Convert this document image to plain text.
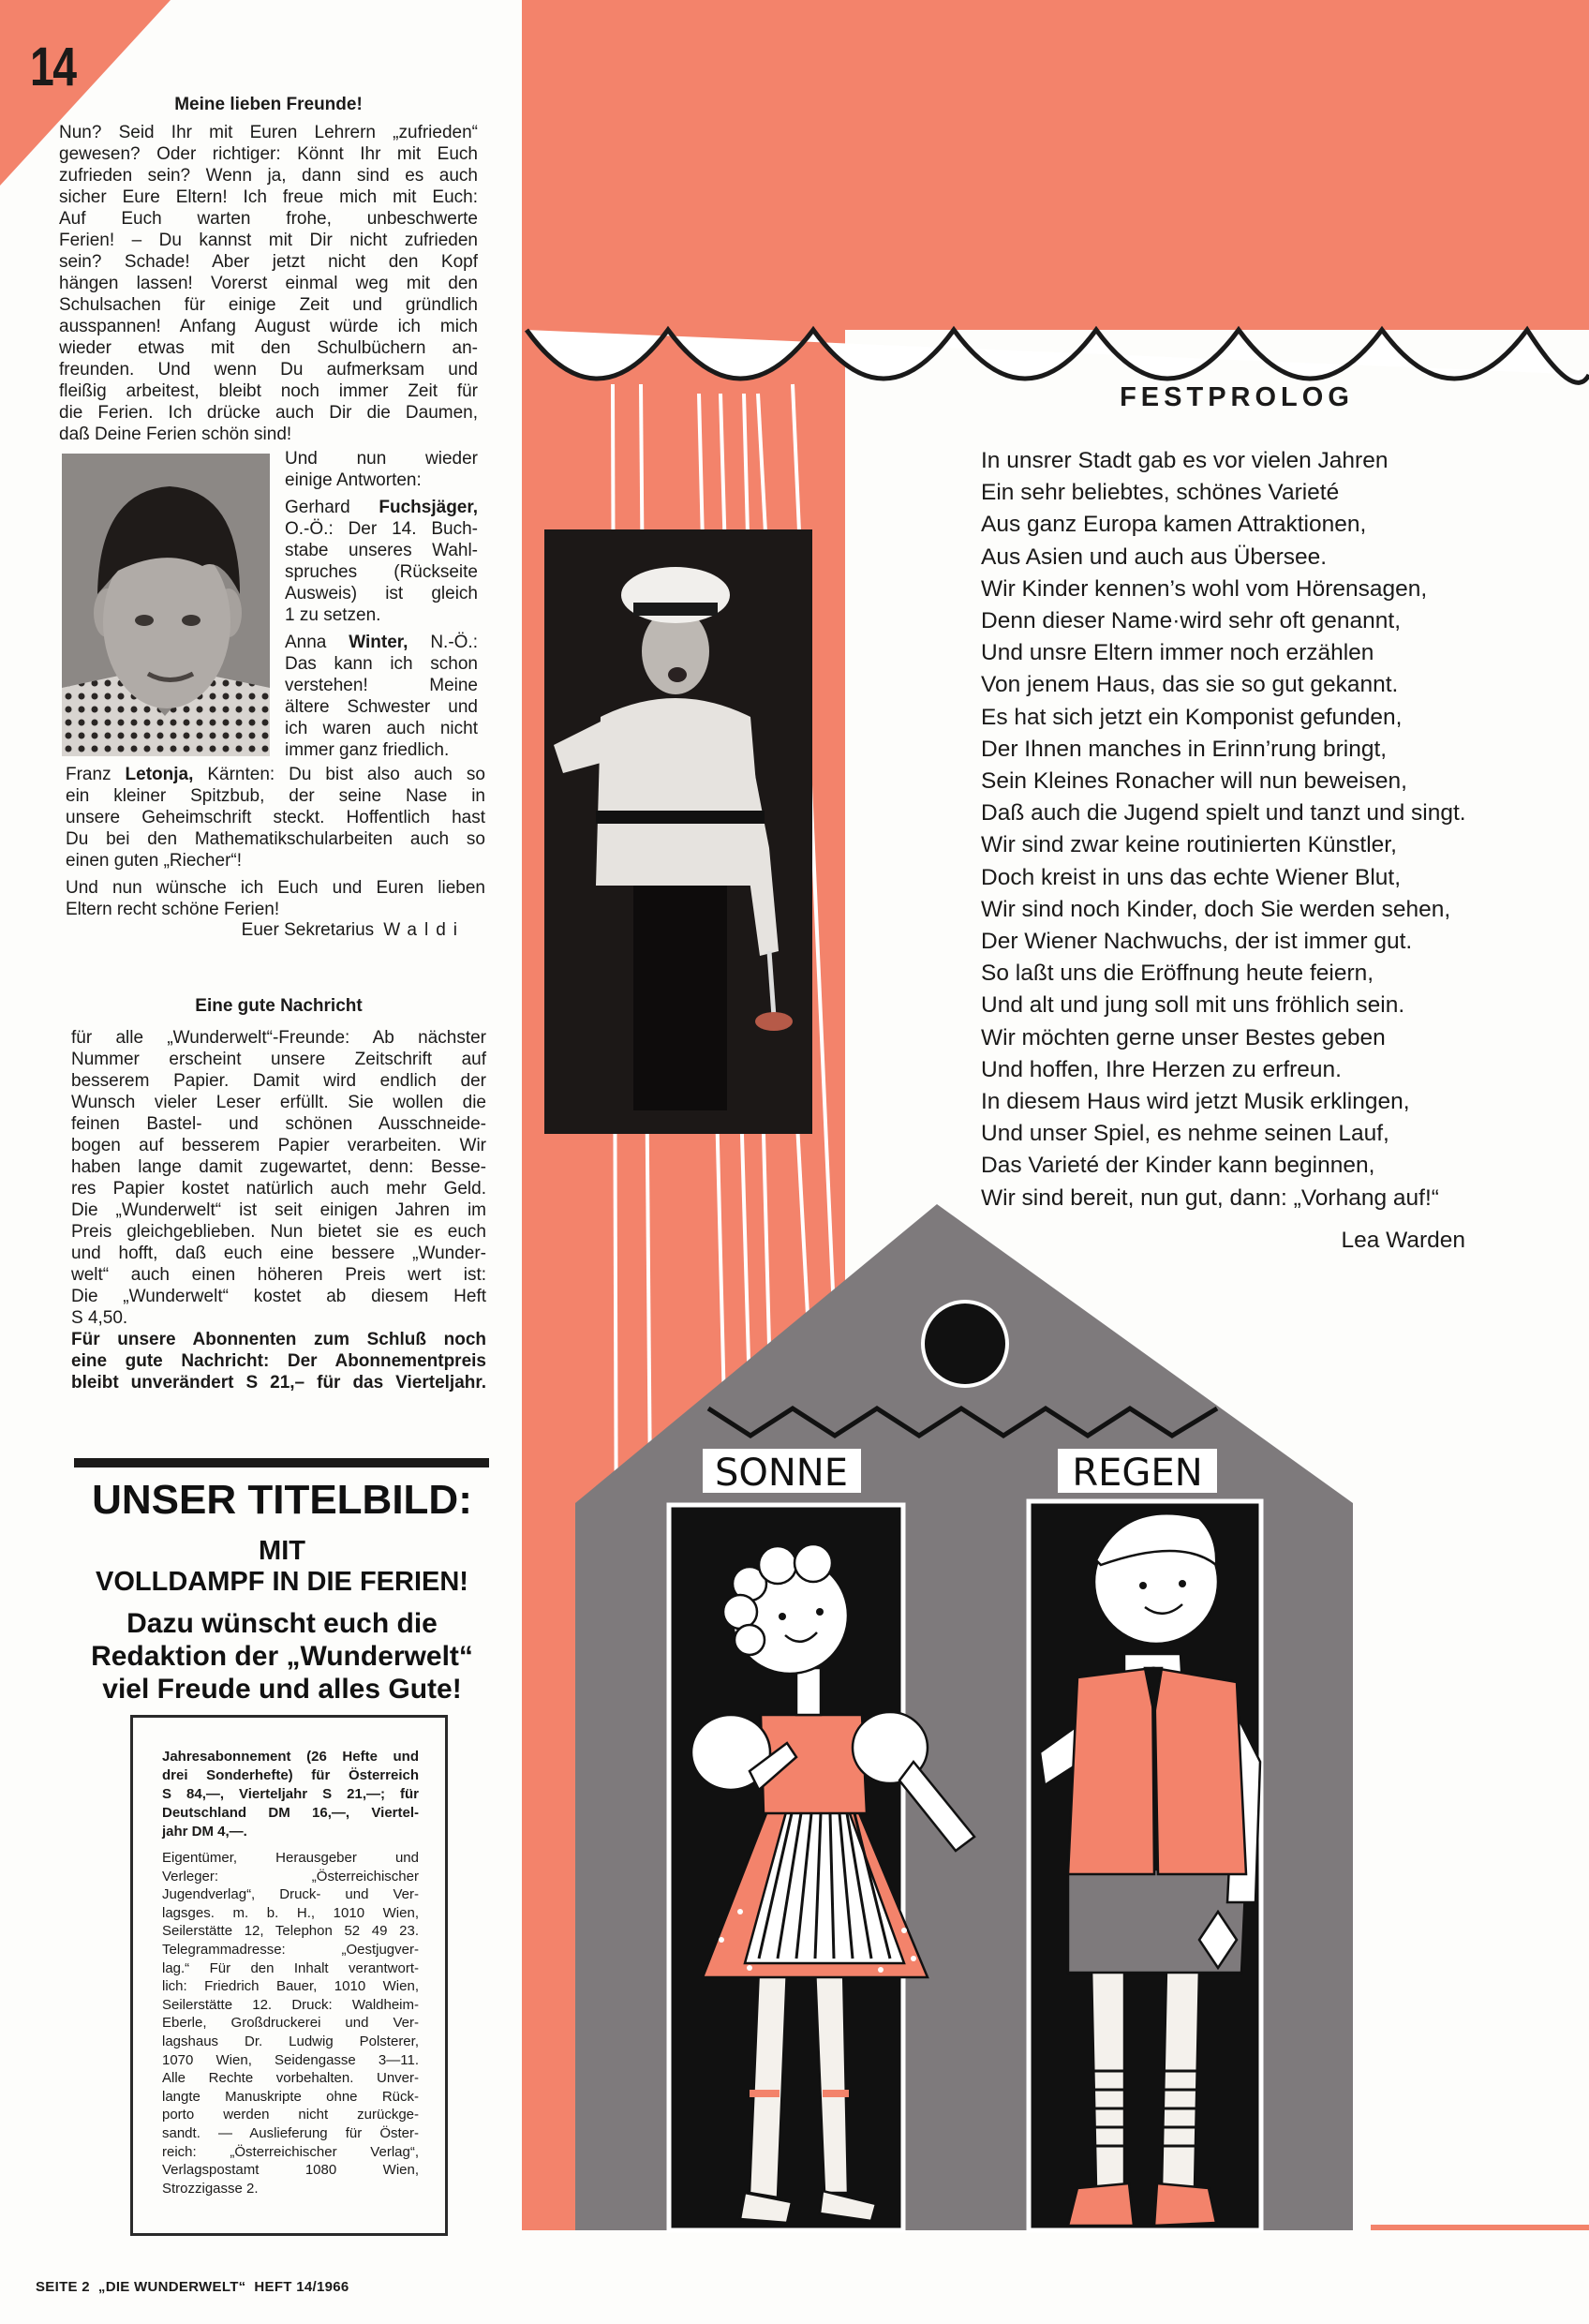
SONNE	REGEN
14
Meine lieben Freunde!
Nun? Seid Ihr mit Euren Lehrern „zufrieden“
gewesen? Oder richtiger: Könnt Ihr mit Euch
zufrieden sein? Wenn ja, dann sind es auch
sicher Eure Eltern! Ich freue mich mit Euch:
Auf Euch warten frohe, unbeschwerte
Ferien! – Du kannst mit Dir nicht zufrieden
sein? Schade! Aber jetzt nicht den Kopf
hängen lassen! Vorerst einmal weg mit den
Schulsachen für einige Zeit und gründlich
ausspannen! Anfang August würde ich mich
wieder etwas mit den Schulbüchern an-
freunden. Und wenn Du aufmerksam und
fleißig arbeitest, bleibt noch immer Zeit für
die Ferien. Ich drücke auch Dir die Daumen,
daß Deine Ferien schön sind!
Und nun wieder
einige Antworten:
Gerhard Fuchsjäger,
O.-Ö.: Der 14. Buch-
stabe unseres Wahl-
spruches (Rückseite
Ausweis) ist gleich
1 zu setzen.
Anna Winter, N.-Ö.:
Das kann ich schon
verstehen! Meine
ältere Schwester und
ich waren auch nicht
immer ganz friedlich.
Franz Letonja, Kärnten: Du bist also auch so
ein kleiner Spitzbub, der seine Nase in
unsere Geheimschrift steckt. Hoffentlich hast
Du bei den Mathematikschularbeiten auch so
einen guten „Riecher“!
Und nun wünsche ich Euch und Euren lieben
Eltern recht schöne Ferien!
Euer Sekretarius Waldi
Eine gute Nachricht
für alle „Wunderwelt“-Freunde: Ab nächster
Nummer erscheint unsere Zeitschrift auf
besserem Papier. Damit wird endlich der
Wunsch vieler Leser erfüllt. Sie wollen die
feinen Bastel- und schönen Ausschneide-
bogen auf besserem Papier verarbeiten. Wir
haben lange damit zugewartet, denn: Besse-
res Papier kostet natürlich auch mehr Geld.
Die „Wunderwelt“ ist seit einigen Jahren im
Preis gleichgeblieben. Nun bietet sie es euch
und hofft, daß euch eine bessere „Wunder-
welt“ auch einen höheren Preis wert ist:
Die „Wunderwelt“ kostet ab diesem Heft
S 4,50.
Für unsere Abonnenten zum Schluß noch
eine gute Nachricht: Der Abonnementpreis
bleibt unverändert S 21,– für das Vierteljahr.

UNSER TITELBILD:
MIT
VOLLDAMPF IN DIE FERIEN!
Dazu wünscht euch die
Redaktion der „Wunderwelt“
viel Freude und alles Gute!
Jahresabonnement (26 Hefte und
drei Sonderhefte) für Österreich
S 84,—, Vierteljahr S 21,—; für
Deutschland DM 16,—, Viertel-
jahr DM 4,—.
Eigentümer, Herausgeber und
Verleger: „Österreichischer
Jugendverlag“, Druck- und Ver-
lagsges. m. b. H., 1010 Wien,
Seilerstätte 12, Telephon 52 49 23.
Telegrammadresse: „Oestjugver-
lag.“ Für den Inhalt verantwort-
lich: Friedrich Bauer, 1010 Wien,
Seilerstätte 12. Druck: Waldheim-
Eberle, Großdruckerei und Ver-
lagshaus Dr. Ludwig Polsterer,
1070 Wien, Seidengasse 3—11.
Alle Rechte vorbehalten. Unver-
langte Manuskripte ohne Rück-
porto werden nicht zurückge-
sandt. — Auslieferung für Öster-
reich: „Österreichischer Verlag“,
Verlagspostamt 1080 Wien,
Strozzigasse 2.
FESTPROLOG
In unsrer Stadt gab es vor vielen Jahren
Ein sehr beliebtes, schönes Varieté
Aus ganz Europa kamen Attraktionen,
Aus Asien und auch aus Übersee.
Wir Kinder kennen’s wohl vom Hörensagen,
Denn dieser Name·wird sehr oft genannt,
Und unsre Eltern immer noch erzählen
Von jenem Haus, das sie so gut gekannt.
Es hat sich jetzt ein Komponist gefunden,
Der Ihnen manches in Erinn’rung bringt,
Sein Kleines Ronacher will nun beweisen,
Daß auch die Jugend spielt und tanzt und singt.
Wir sind zwar keine routinierten Künstler,
Doch kreist in uns das echte Wiener Blut,
Wir sind noch Kinder, doch Sie werden sehen,
Der Wiener Nachwuchs, der ist immer gut.
So laßt uns die Eröffnung heute feiern,
Und alt und jung soll mit uns fröhlich sein.
Wir möchten gerne unser Bestes geben
Und hoffen, Ihre Herzen zu erfreun.
In diesem Haus wird jetzt Musik erklingen,
Und unser Spiel, es nehme seinen Lauf,
Das Varieté der Kinder kann beginnen,
Wir sind bereit, nun gut, dann: „Vorhang auf!“
Lea Warden
SEITE 2  „DIE WUNDERWELT“  HEFT 14/1966
